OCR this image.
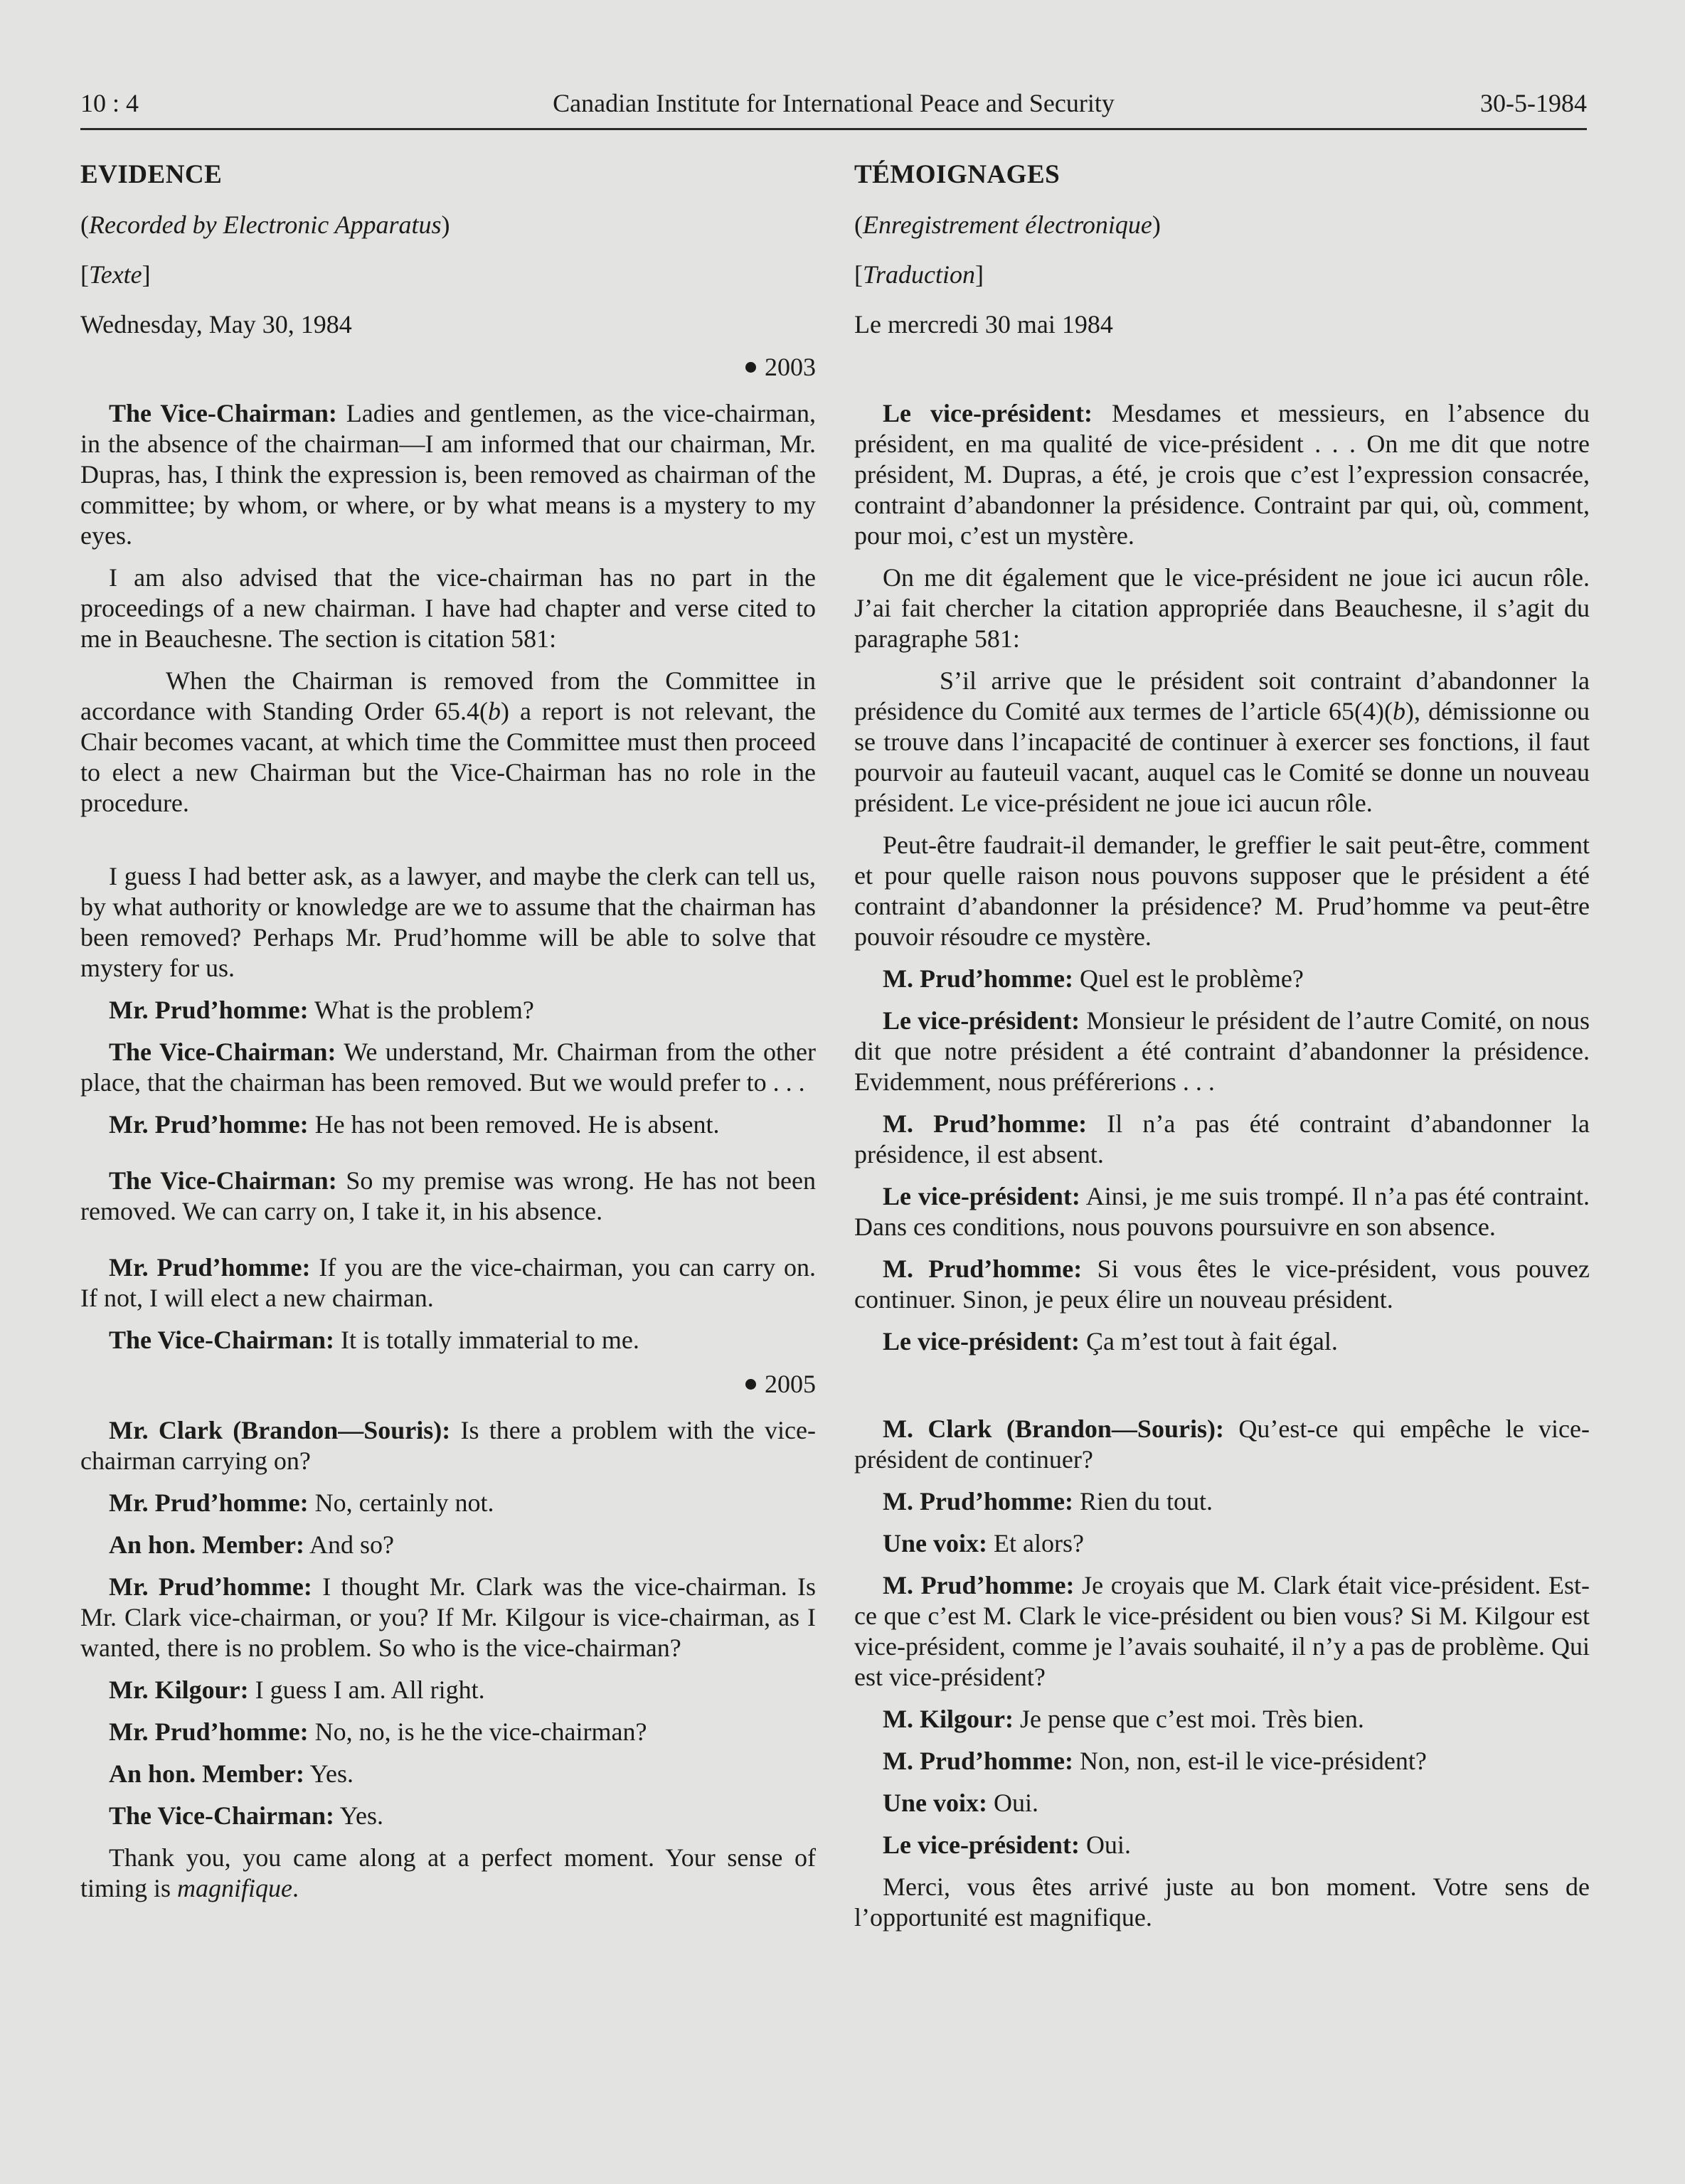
10 : 4	Canadian Institute for International Peace and Security	30-5-1984
EVIDENCE
(Recorded by Electronic Apparatus)
[Texte]
Wednesday, May 30, 1984
2003

The Vice-Chairman: Ladies and gentlemen, as the vice-chairman, in the absence of the chairman—I am informed that our chairman, Mr. Dupras, has, I think the expression is, been removed as chairman of the committee; by whom, or where, or by what means is a mystery to my eyes.

I am also advised that the vice-chairman has no part in the proceedings of a new chairman. I have had chapter and verse cited to me in Beauchesne. The section is citation 581:

When the Chairman is removed from the Committee in accordance with Standing Order 65.4(b) a report is not relevant, the Chair becomes vacant, at which time the Committee must then proceed to elect a new Chairman but the Vice-Chairman has no role in the procedure.

I guess I had better ask, as a lawyer, and maybe the clerk can tell us, by what authority or knowledge are we to assume that the chairman has been removed? Perhaps Mr. Prud’homme will be able to solve that mystery for us.

Mr. Prud’homme: What is the problem?

The Vice-Chairman: We understand, Mr. Chairman from the other place, that the chairman has been removed. But we would prefer to . . .

Mr. Prud’homme: He has not been removed. He is absent.

The Vice-Chairman: So my premise was wrong. He has not been removed. We can carry on, I take it, in his absence.

Mr. Prud’homme: If you are the vice-chairman, you can carry on. If not, I will elect a new chairman.

The Vice-Chairman: It is totally immaterial to me.

2005

Mr. Clark (Brandon—Souris): Is there a problem with the vice-chairman carrying on?

Mr. Prud’homme: No, certainly not.

An hon. Member: And so?

Mr. Prud’homme: I thought Mr. Clark was the vice-chairman. Is Mr. Clark vice-chairman, or you? If Mr. Kilgour is vice-chairman, as I wanted, there is no problem. So who is the vice-chairman?

Mr. Kilgour: I guess I am. All right.

Mr. Prud’homme: No, no, is he the vice-chairman?

An hon. Member: Yes.

The Vice-Chairman: Yes.

Thank you, you came along at a perfect moment. Your sense of timing is magnifique.

TÉMOIGNAGES
(Enregistrement électronique)
[Traduction]
Le mercredi 30 mai 1984

Le vice-président: Mesdames et messieurs, en l’absence du président, en ma qualité de vice-président . . . On me dit que notre président, M. Dupras, a été, je crois que c’est l’expression consacrée, contraint d’abandonner la présidence. Contraint par qui, où, comment, pour moi, c’est un mystère.

On me dit également que le vice-président ne joue ici aucun rôle. J’ai fait chercher la citation appropriée dans Beauchesne, il s’agit du paragraphe 581:

S’il arrive que le président soit contraint d’abandonner la présidence du Comité aux termes de l’article 65(4)(b), démissionne ou se trouve dans l’incapacité de continuer à exercer ses fonctions, il faut pourvoir au fauteuil vacant, auquel cas le Comité se donne un nouveau président. Le vice-président ne joue ici aucun rôle.

Peut-être faudrait-il demander, le greffier le sait peut-être, comment et pour quelle raison nous pouvons supposer que le président a été contraint d’abandonner la présidence? M. Prud’homme va peut-être pouvoir résoudre ce mystère.

M. Prud’homme: Quel est le problème?

Le vice-président: Monsieur le président de l’autre Comité, on nous dit que notre président a été contraint d’abandonner la présidence. Evidemment, nous préférerions . . .

M. Prud’homme: Il n’a pas été contraint d’abandonner la présidence, il est absent.

Le vice-président: Ainsi, je me suis trompé. Il n’a pas été contraint. Dans ces conditions, nous pouvons poursuivre en son absence.

M. Prud’homme: Si vous êtes le vice-président, vous pouvez continuer. Sinon, je peux élire un nouveau président.

Le vice-président: Ça m’est tout à fait égal.

M. Clark (Brandon—Souris): Qu’est-ce qui empêche le vice-président de continuer?

M. Prud’homme: Rien du tout.

Une voix: Et alors?

M. Prud’homme: Je croyais que M. Clark était vice-président. Est-ce que c’est M. Clark le vice-président ou bien vous? Si M. Kilgour est vice-président, comme je l’avais souhaité, il n’y a pas de problème. Qui est vice-président?

M. Kilgour: Je pense que c’est moi. Très bien.

M. Prud’homme: Non, non, est-il le vice-président?

Une voix: Oui.

Le vice-président: Oui.

Merci, vous êtes arrivé juste au bon moment. Votre sens de l’opportunité est magnifique.
